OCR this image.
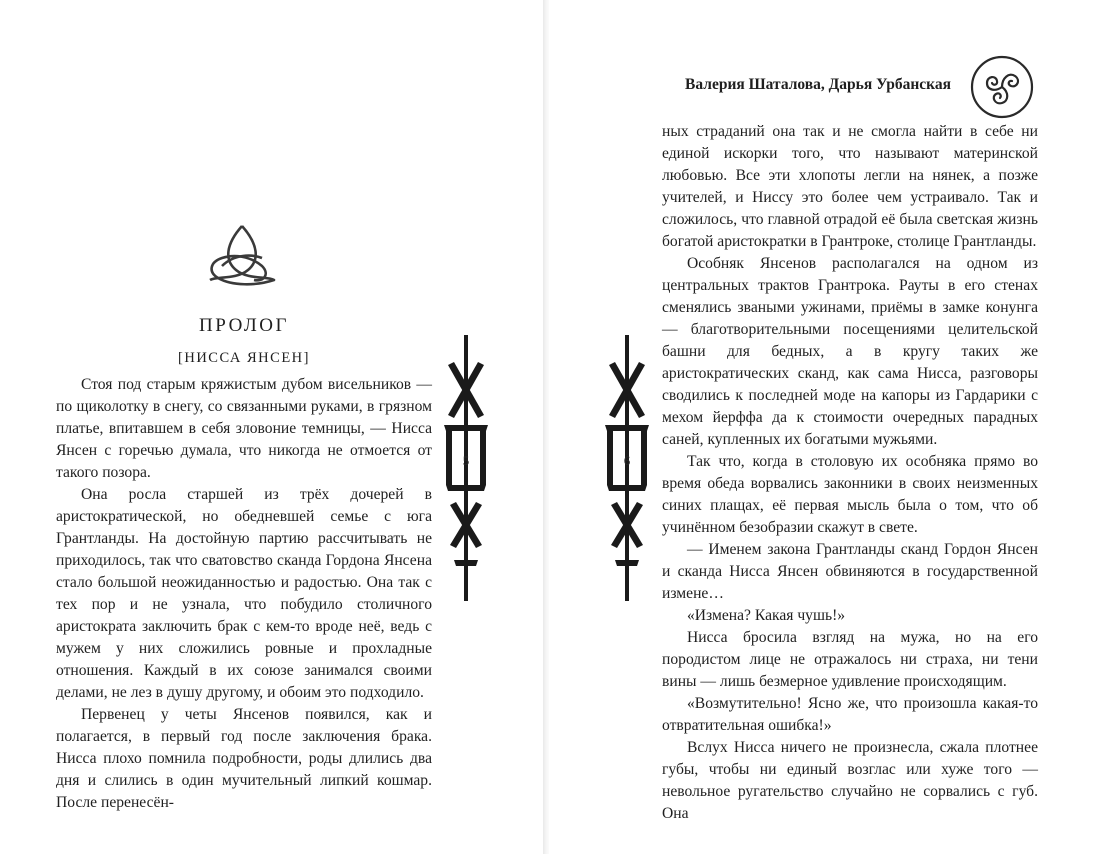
ПРОЛОГ
[НИССА ЯНСЕН]

Стоя под старым кряжистым дубом висельников — по щиколотку в снегу, со связанными руками, в грязном платье, впитавшем в себя зловоние темницы, — Нисса Янсен с горечью думала, что никогда не отмоется от такого позора.

Она росла старшей из трёх дочерей в аристократической, но обедневшей семье с юга Грантланды. На достойную партию рассчитывать не приходилось, так что сватовство сканда Гордона Янсена стало большой неожиданностью и радостью. Она так с тех пор и не узнала, что побудило столичного аристократа заключить брак с кем-то вроде неё, ведь с мужем у них сложились ровные и прохладные отношения. Каждый в их союзе занимался своими делами, не лез в душу другому, и обоим это подходило.

Первенец у четы Янсенов появился, как и полагается, в первый год после заключения брака. Нисса плохо помнила подробности, роды длились два дня и слились в один мучительный липкий кошмар. После перенесён-

5
Валерия Шаталова, Дарья Урбанская

ных страданий она так и не смогла найти в себе ни единой искорки того, что называют материнской любовью. Все эти хлопоты легли на нянек, а позже учителей, и Ниссу это более чем устраивало. Так и сложилось, что главной отрадой её была светская жизнь богатой аристократки в Грантроке, столице Грантланды.

Особняк Янсенов располагался на одном из центральных трактов Грантрока. Рауты в его стенах сменялись зваными ужинами, приёмы в замке конунга — благотворительными посещениями целительской башни для бедных, а в кругу таких же аристократических сканд, как сама Нисса, разговоры сводились к последней моде на капоры из Гардарики с мехом йерффа да к стоимости очередных парадных саней, купленных их богатыми мужьями.

Так что, когда в столовую их особняка прямо во время обеда ворвались законники в своих неизменных синих плащах, её первая мысль была о том, что об учинённом безобразии скажут в свете.

— Именем закона Грантланды сканд Гордон Янсен и сканда Нисса Янсен обвиняются в государственной измене…

«Измена? Какая чушь!»

Нисса бросила взгляд на мужа, но на его породистом лице не отражалось ни страха, ни тени вины — лишь безмерное удивление происходящим.

«Возмутительно! Ясно же, что произошла какая-то отвратительная ошибка!»

Вслух Нисса ничего не произнесла, сжала плотнее губы, чтобы ни единый возглас или хуже того — невольное ругательство случайно не сорвались с губ. Она

6
